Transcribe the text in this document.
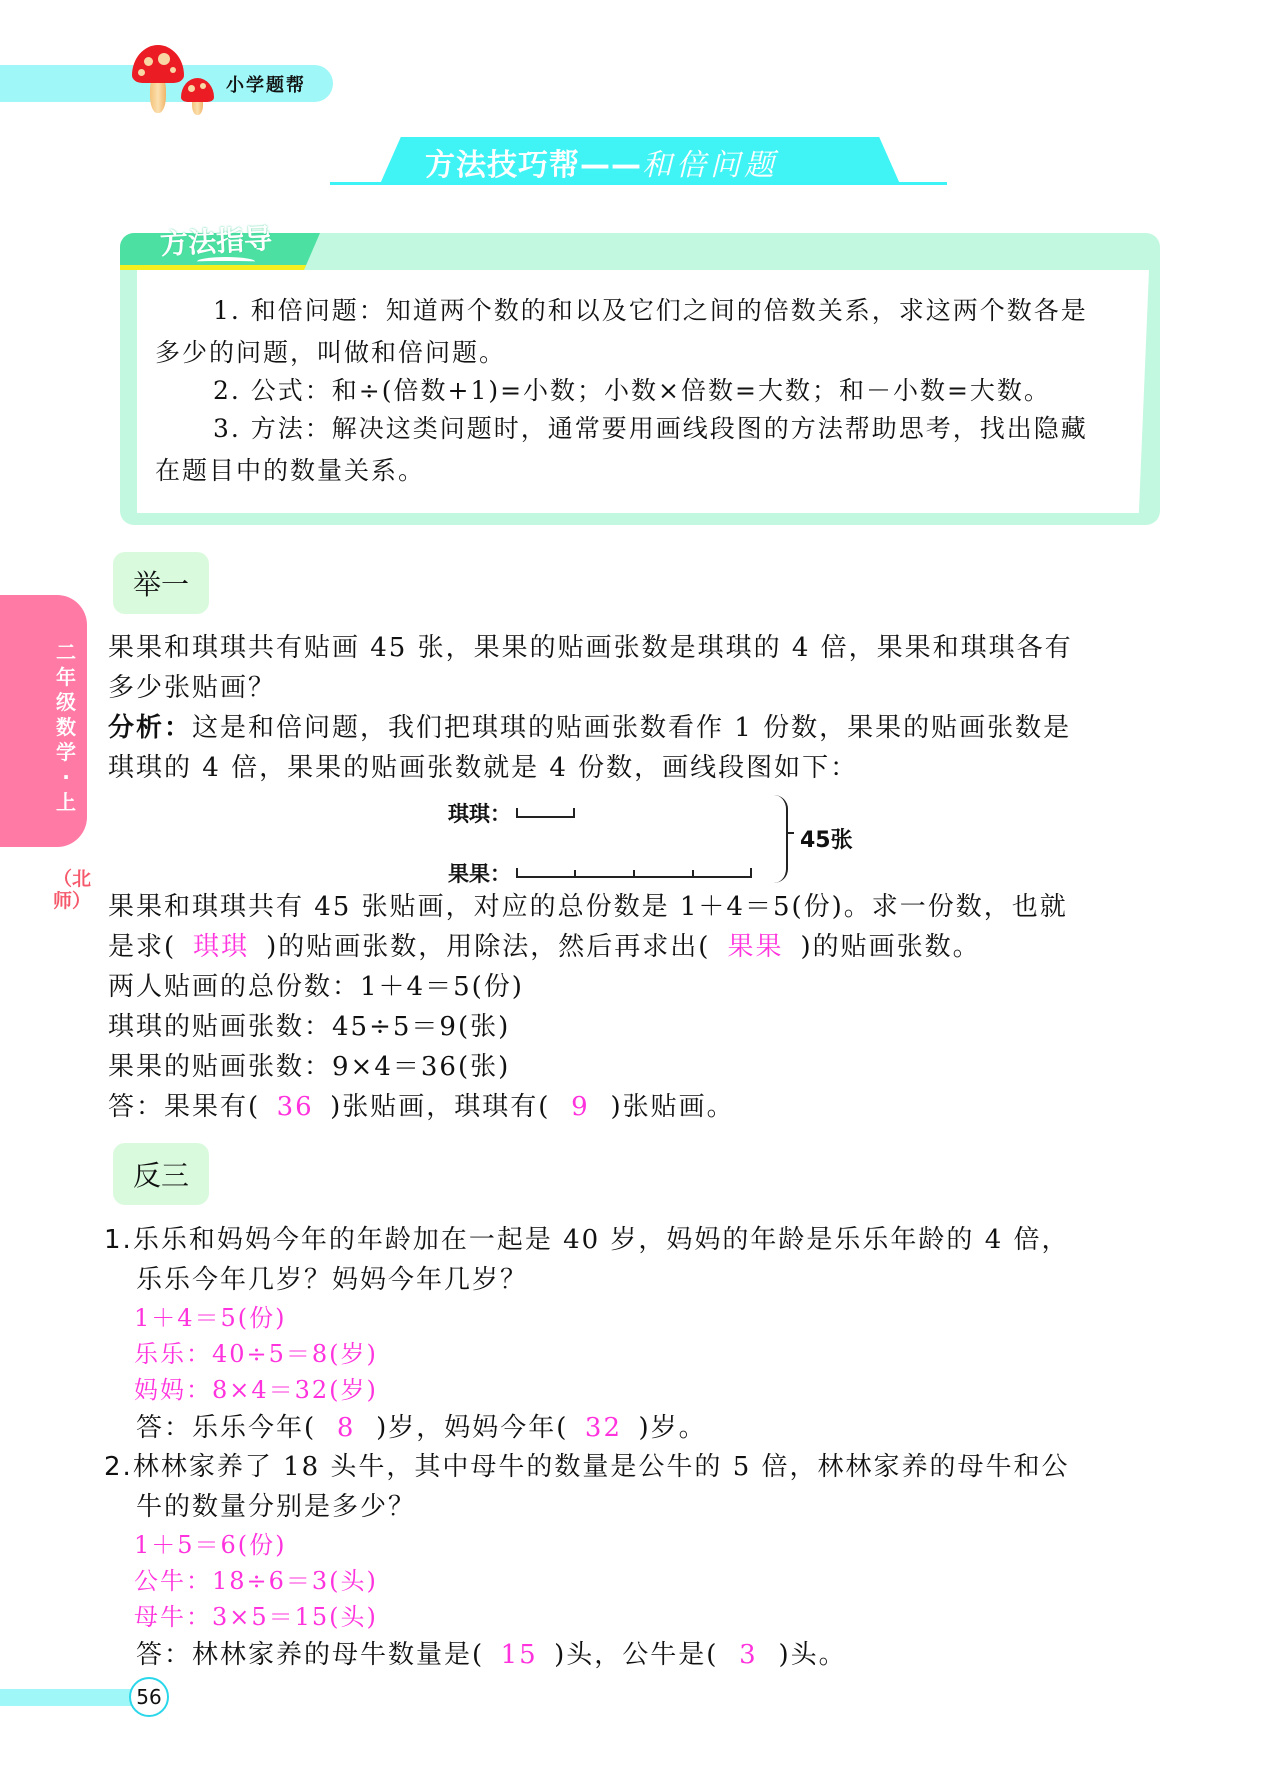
小学题帮
方法技巧帮——和倍问题
方法指导

1. 和倍问题：知道两个数的和以及它们之间的倍数关系，求这两个数各是

多少的问题，叫做和倍问题。

2. 公式：和÷(倍数+1)=小数；小数×倍数=大数；和－小数=大数。

3. 方法：解决这类问题时，通常要用画线段图的方法帮助思考，找出隐藏

在题目中的数量关系。

二年级数学·上
（北师）
举一

果果和琪琪共有贴画 45 张，果果的贴画张数是琪琪的 4 倍，果果和琪琪各有

多少张贴画？

分析：这是和倍问题，我们把琪琪的贴画张数看作 1 份数，果果的贴画张数是

琪琪的 4 倍，果果的贴画张数就是 4 份数，画线段图如下：

琪琪：
果果：
45张

果果和琪琪共有 45 张贴画，对应的总份数是 1＋4＝5(份)。求一份数，也就

是求( 琪琪 )的贴画张数，用除法，然后再求出( 果果 )的贴画张数。

两人贴画的总份数：1＋4＝5(份)

琪琪的贴画张数：45÷5＝9(张)

果果的贴画张数：9×4＝36(张)

答：果果有( 36 )张贴画，琪琪有( 9 )张贴画。

反三

1.乐乐和妈妈今年的年龄加在一起是 40 岁，妈妈的年龄是乐乐年龄的 4 倍，

乐乐今年几岁？妈妈今年几岁？

1＋4＝5(份)
乐乐：40÷5＝8(岁)
妈妈：8×4＝32(岁)

答：乐乐今年( 8 )岁，妈妈今年( 32 )岁。

2.林林家养了 18 头牛，其中母牛的数量是公牛的 5 倍，林林家养的母牛和公

牛的数量分别是多少？

1＋5＝6(份)
公牛：18÷6＝3(头)
母牛：3×5＝15(头)

答：林林家养的母牛数量是( 15 )头，公牛是( 3 )头。

56
